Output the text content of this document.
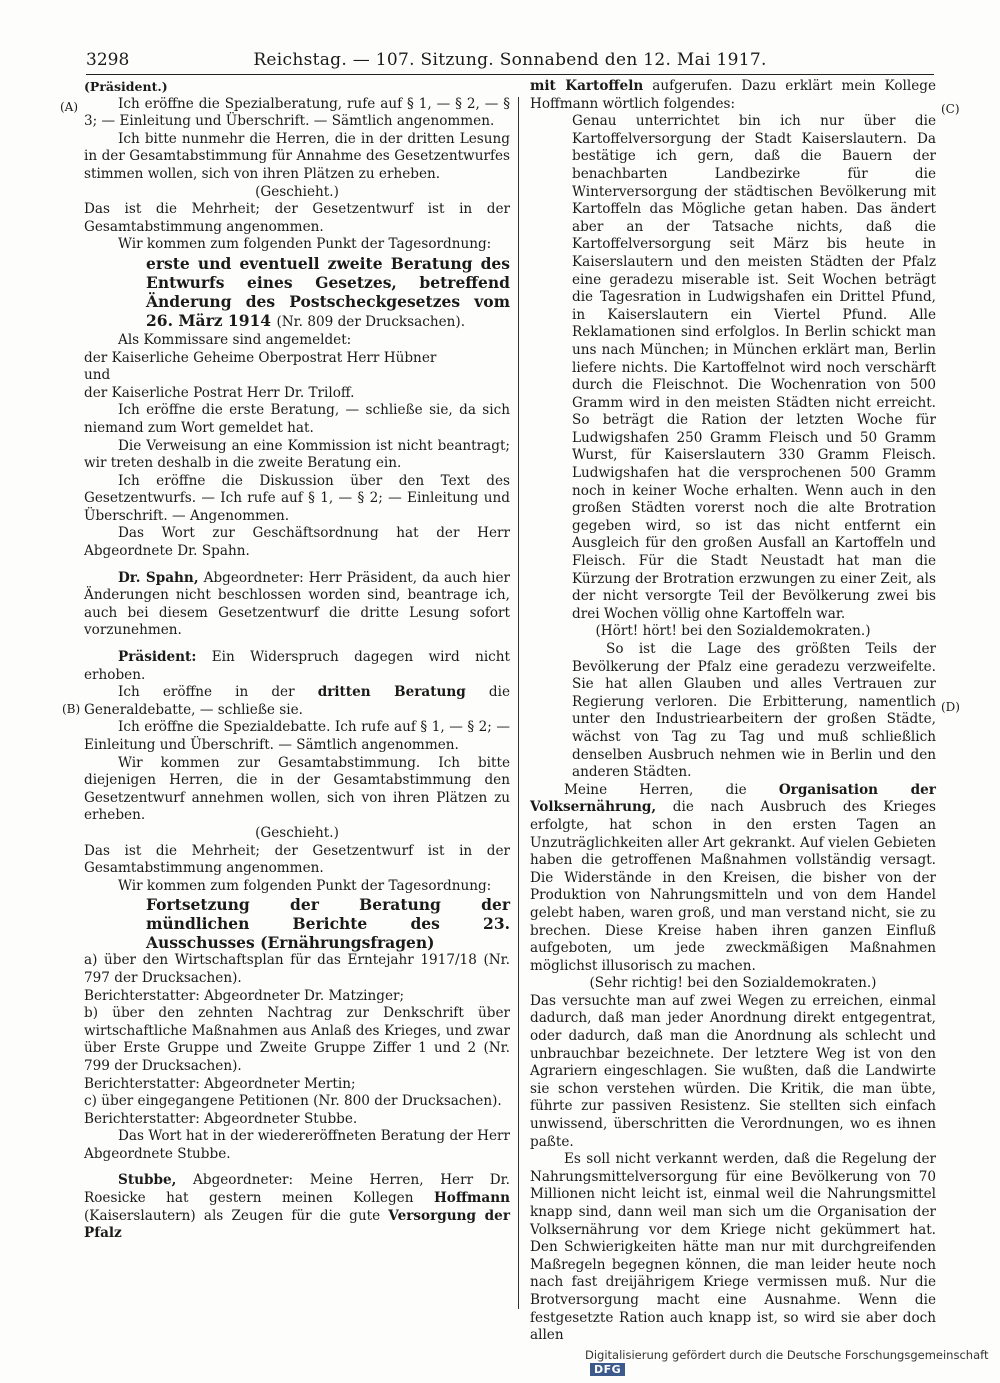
3298	Reichstag. — 107. Sitzung. Sonnabend den 12. Mai 1917.
(A)
(B)
(C)
(D)

(Präsident.)

Ich eröffne die Spezialberatung, rufe auf § 1, — § 2, — § 3; — Einleitung und Überschrift. — Sämtlich angenommen.

Ich bitte nunmehr die Herren, die in der dritten Lesung in der Gesamtabstimmung für Annahme des Gesetzentwurfes stimmen wollen, sich von ihren Plätzen zu erheben.

(Geschieht.)

Das ist die Mehrheit; der Gesetzentwurf ist in der Gesamtabstimmung angenommen.

Wir kommen zum folgenden Punkt der Tagesordnung:

erste und eventuell zweite Beratung des Entwurfs eines Gesetzes, betreffend Änderung des Postscheckgesetzes vom 26. März 1914 (Nr. 809 der Drucksachen).

Als Kommissare sind angemeldet:

der Kaiserliche Geheime Oberpostrat Herr Hübner

und

der Kaiserliche Postrat Herr Dr. Triloff.

Ich eröffne die erste Beratung, — schließe sie, da sich niemand zum Wort gemeldet hat.

Die Verweisung an eine Kommission ist nicht beantragt; wir treten deshalb in die zweite Beratung ein.

Ich eröffne die Diskussion über den Text des Gesetzentwurfs. — Ich rufe auf § 1, — § 2; — Einleitung und Überschrift. — Angenommen.

Das Wort zur Geschäftsordnung hat der Herr Abgeordnete Dr. Spahn.

Dr. Spahn, Abgeordneter: Herr Präsident, da auch hier Änderungen nicht beschlossen worden sind, beantrage ich, auch bei diesem Gesetzentwurf die dritte Lesung sofort vorzunehmen.

Präsident: Ein Widerspruch dagegen wird nicht erhoben.

Ich eröffne in der dritten Beratung die Generaldebatte, — schließe sie.

Ich eröffne die Spezialdebatte. Ich rufe auf § 1, — § 2; — Einleitung und Überschrift. — Sämtlich angenommen.

Wir kommen zur Gesamtabstimmung. Ich bitte diejenigen Herren, die in der Gesamtabstimmung den Gesetzentwurf annehmen wollen, sich von ihren Plätzen zu erheben.

(Geschieht.)

Das ist die Mehrheit; der Gesetzentwurf ist in der Gesamtabstimmung angenommen.

Wir kommen zum folgenden Punkt der Tagesordnung:

Fortsetzung der Beratung der mündlichen Berichte des 23. Ausschusses (Ernährungsfragen)

a) über den Wirtschaftsplan für das Erntejahr 1917/18 (Nr. 797 der Drucksachen).

Berichterstatter: Abgeordneter Dr. Matzinger;

b) über den zehnten Nachtrag zur Denkschrift über wirtschaftliche Maßnahmen aus Anlaß des Krieges, und zwar über Erste Gruppe und Zweite Gruppe Ziffer 1 und 2 (Nr. 799 der Drucksachen).

Berichterstatter: Abgeordneter Mertin;

c) über eingegangene Petitionen (Nr. 800 der Drucksachen).

Berichterstatter: Abgeordneter Stubbe.

Das Wort hat in der wiedereröffneten Beratung der Herr Abgeordnete Stubbe.

Stubbe, Abgeordneter: Meine Herren, Herr Dr. Roesicke hat gestern meinen Kollegen Hoffmann (Kaiserslautern) als Zeugen für die gute Versorgung der Pfalz

mit Kartoffeln aufgerufen. Dazu erklärt mein Kollege Hoffmann wörtlich folgendes:

Genau unterrichtet bin ich nur über die Kartoffelversorgung der Stadt Kaiserslautern. Da bestätige ich gern, daß die Bauern der benachbarten Landbezirke für die Winterversorgung der städtischen Bevölkerung mit Kartoffeln das Mögliche getan haben. Das ändert aber an der Tatsache nichts, daß die Kartoffelversorgung seit März bis heute in Kaiserslautern und den meisten Städten der Pfalz eine geradezu miserable ist. Seit Wochen beträgt die Tagesration in Ludwigshafen ein Drittel Pfund, in Kaiserslautern ein Viertel Pfund. Alle Reklamationen sind erfolglos. In Berlin schickt man uns nach München; in München erklärt man, Berlin liefere nichts. Die Kartoffelnot wird noch verschärft durch die Fleischnot. Die Wochenration von 500 Gramm wird in den meisten Städten nicht erreicht. So beträgt die Ration der letzten Woche für Ludwigshafen 250 Gramm Fleisch und 50 Gramm Wurst, für Kaiserslautern 330 Gramm Fleisch. Ludwigshafen hat die versprochenen 500 Gramm noch in keiner Woche erhalten. Wenn auch in den großen Städten vorerst noch die alte Brotration gegeben wird, so ist das nicht entfernt ein Ausgleich für den großen Ausfall an Kartoffeln und Fleisch. Für die Stadt Neustadt hat man die Kürzung der Brotration erzwungen zu einer Zeit, als der nicht versorgte Teil der Bevölkerung zwei bis drei Wochen völlig ohne Kartoffeln war.

(Hört! hört! bei den Sozialdemokraten.)

So ist die Lage des größten Teils der Bevölkerung der Pfalz eine geradezu verzweifelte. Sie hat allen Glauben und alles Vertrauen zur Regierung verloren. Die Erbitterung, namentlich unter den Industriearbeitern der großen Städte, wächst von Tag zu Tag und muß schließlich denselben Ausbruch nehmen wie in Berlin und den anderen Städten.

Meine Herren, die Organisation der Volksernährung, die nach Ausbruch des Krieges erfolgte, hat schon in den ersten Tagen an Unzuträglichkeiten aller Art gekrankt. Auf vielen Gebieten haben die getroffenen Maßnahmen vollständig versagt. Die Widerstände in den Kreisen, die bisher von der Produktion von Nahrungsmitteln und von dem Handel gelebt haben, waren groß, und man verstand nicht, sie zu brechen. Diese Kreise haben ihren ganzen Einfluß aufgeboten, um jede zweckmäßigen Maßnahmen möglichst illusorisch zu machen.

(Sehr richtig! bei den Sozialdemokraten.)

Das versuchte man auf zwei Wegen zu erreichen, einmal dadurch, daß man jeder Anordnung direkt entgegentrat, oder dadurch, daß man die Anordnung als schlecht und unbrauchbar bezeichnete. Der letztere Weg ist von den Agrariern eingeschlagen. Sie wußten, daß die Landwirte sie schon verstehen würden. Die Kritik, die man übte, führte zur passiven Resistenz. Sie stellten sich einfach unwissend, überschritten die Verordnungen, wo es ihnen paßte.

Es soll nicht verkannt werden, daß die Regelung der Nahrungsmittelversorgung für eine Bevölkerung von 70 Millionen nicht leicht ist, einmal weil die Nahrungsmittel knapp sind, dann weil man sich um die Organisation der Volksernährung vor dem Kriege nicht gekümmert hat. Den Schwierigkeiten hätte man nur mit durchgreifenden Maßregeln begegnen können, die man leider heute noch nach fast dreijährigem Kriege vermissen muß. Nur die Brotversorgung macht eine Ausnahme. Wenn die festgesetzte Ration auch knapp ist, so wird sie aber doch allen

Digitalisierung gefördert durch die Deutsche ForschungsgemeinschaftDFG
